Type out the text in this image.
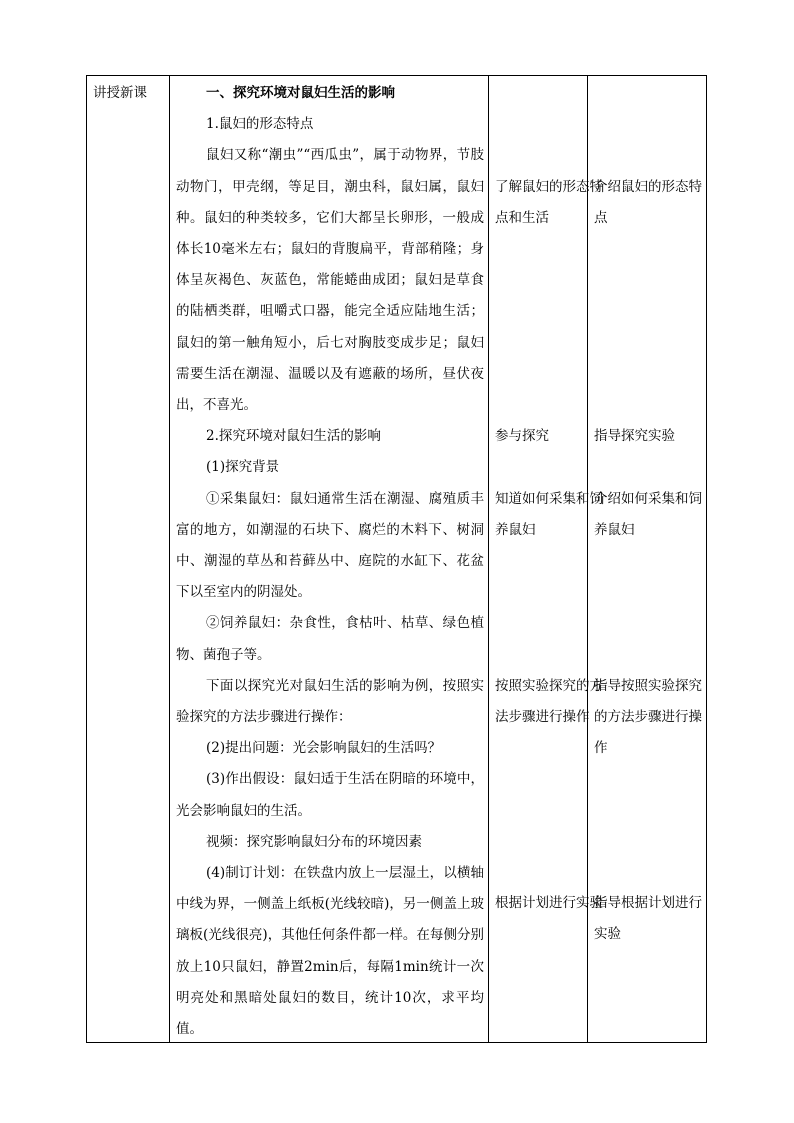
讲授新课	一、探究环境对鼠妇生活的影响

1.鼠妇的形态特点

鼠妇又称“潮虫”“西瓜虫”，属于动物界，节肢动物门，甲壳纲，等足目，潮虫科，鼠妇属，鼠妇种。鼠妇的种类较多，它们大都呈长卵形，一般成体长10毫米左右；鼠妇的背腹扁平，背部稍隆；身体呈灰褐色、灰蓝色，常能蜷曲成团；鼠妇是草食的陆栖类群，咀嚼式口器，能完全适应陆地生活；鼠妇的第一触角短小，后七对胸肢变成步足；鼠妇需要生活在潮湿、温暖以及有遮蔽的场所，昼伏夜出，不喜光。

2.探究环境对鼠妇生活的影响

(1)探究背景

①采集鼠妇：鼠妇通常生活在潮湿、腐殖质丰富的地方，如潮湿的石块下、腐烂的木料下、树洞中、潮湿的草丛和苔藓丛中、庭院的水缸下、花盆下以至室内的阴湿处。

②饲养鼠妇：杂食性，食枯叶、枯草、绿色植物、菌孢子等。

下面以探究光对鼠妇生活的影响为例，按照实验探究的方法步骤进行操作：

(2)提出问题：光会影响鼠妇的生活吗？

(3)作出假设：鼠妇适于生活在阴暗的环境中，光会影响鼠妇的生活。

视频：探究影响鼠妇分布的环境因素

(4)制订计划：在铁盘内放上一层湿土，以横轴中线为界，一侧盖上纸板(光线较暗)，另一侧盖上玻璃板(光线很亮)，其他任何条件都一样。在每侧分别放上10只鼠妇，静置2min后，每隔1min统计一次明亮处和黑暗处鼠妇的数目，统计10次，求平均值。

了解鼠妇的形态特点和生活
参与探究
知道如何采集和饲养鼠妇
按照实验探究的方法步骤进行操作
根据计划进行实验
介绍鼠妇的形态特点
指导探究实验
介绍如何采集和饲养鼠妇
指导按照实验探究的方法步骤进行操作
指导根据计划进行实验
